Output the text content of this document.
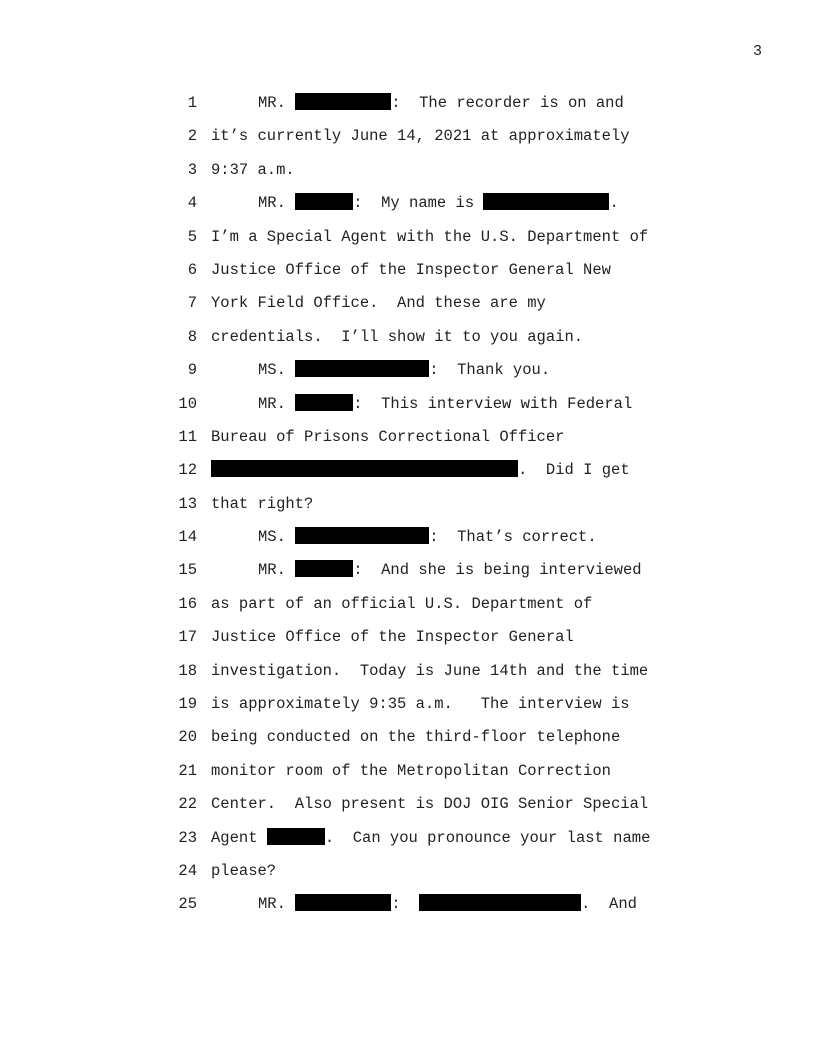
3
1	MR.	:  The recorder is on and
2 it’s currently June 14, 2021 at approximately
3 9:37 a.m.
4	MR.	:  My name is	.
5 I’m a Special Agent with the U.S. Department of
6 Justice Office of the Inspector General New
7 York Field Office.  And these are my
8 credentials.  I’ll show it to you again.
9	MS.	:  Thank you.
10	MR.	:  This interview with Federal
11 Bureau of Prisons Correctional Officer
12	.  Did I get
13 that right?
14	MS.	:  That’s correct.
15	MR.	:  And she is being interviewed
16 as part of an official U.S. Department of
17 Justice Office of the Inspector General
18 investigation.  Today is June 14th and the time
19 is approximately 9:35 a.m.   The interview is
20 being conducted on the third-floor telephone
21 monitor room of the Metropolitan Correction
22 Center.  Also present is DOJ OIG Senior Special
23 Agent	.  Can you pronounce your last name
24 please?
25	MR.	:	.  And
